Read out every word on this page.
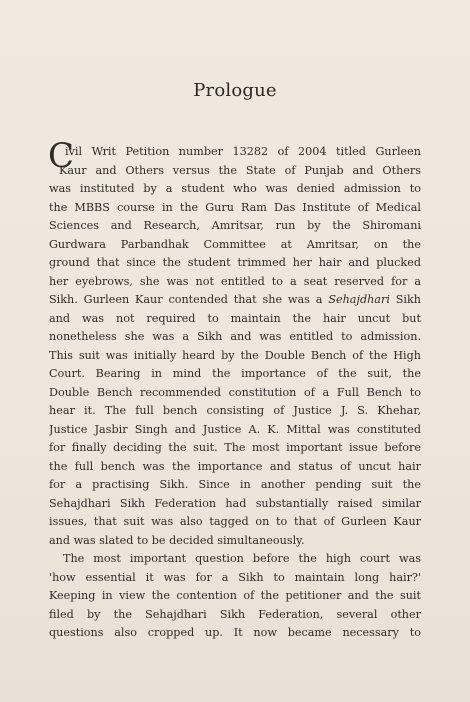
Prologue
C
ivil Writ Petition number 13282 of 2004 titled Gurleen
Kaur and Others versus the State of Punjab and Others
was instituted by a student who was denied admission to
the MBBS course in the Guru Ram Das Institute of Medical
Sciences and Research, Amritsar, run by the Shiromani
Gurdwara Parbandhak Committee at Amritsar, on the
ground that since the student trimmed her hair and plucked
her eyebrows, she was not entitled to a seat reserved for a
Sikh. Gurleen Kaur contended that she was a Sehajdhari Sikh
and was not required to maintain the hair uncut but
nonetheless she was a Sikh and was entitled to admission.
This suit was initially heard by the Double Bench of the High
Court. Bearing in mind the importance of the suit, the
Double Bench recommended constitution of a Full Bench to
hear it. The full bench consisting of Justice J. S. Khehar,
Justice Jasbir Singh and Justice A. K. Mittal was constituted
for finally deciding the suit. The most important issue before
the full bench was the importance and status of uncut hair
for a practising Sikh. Since in another pending suit the
Sehajdhari Sikh Federation had substantially raised similar
issues, that suit was also tagged on to that of Gurleen Kaur
and was slated to be decided simultaneously.
The most important question before the high court was
'how essential it was for a Sikh to maintain long hair?'
Keeping in view the contention of the petitioner and the suit
filed by the Sehajdhari Sikh Federation, several other
questions also cropped up. It now became necessary to
